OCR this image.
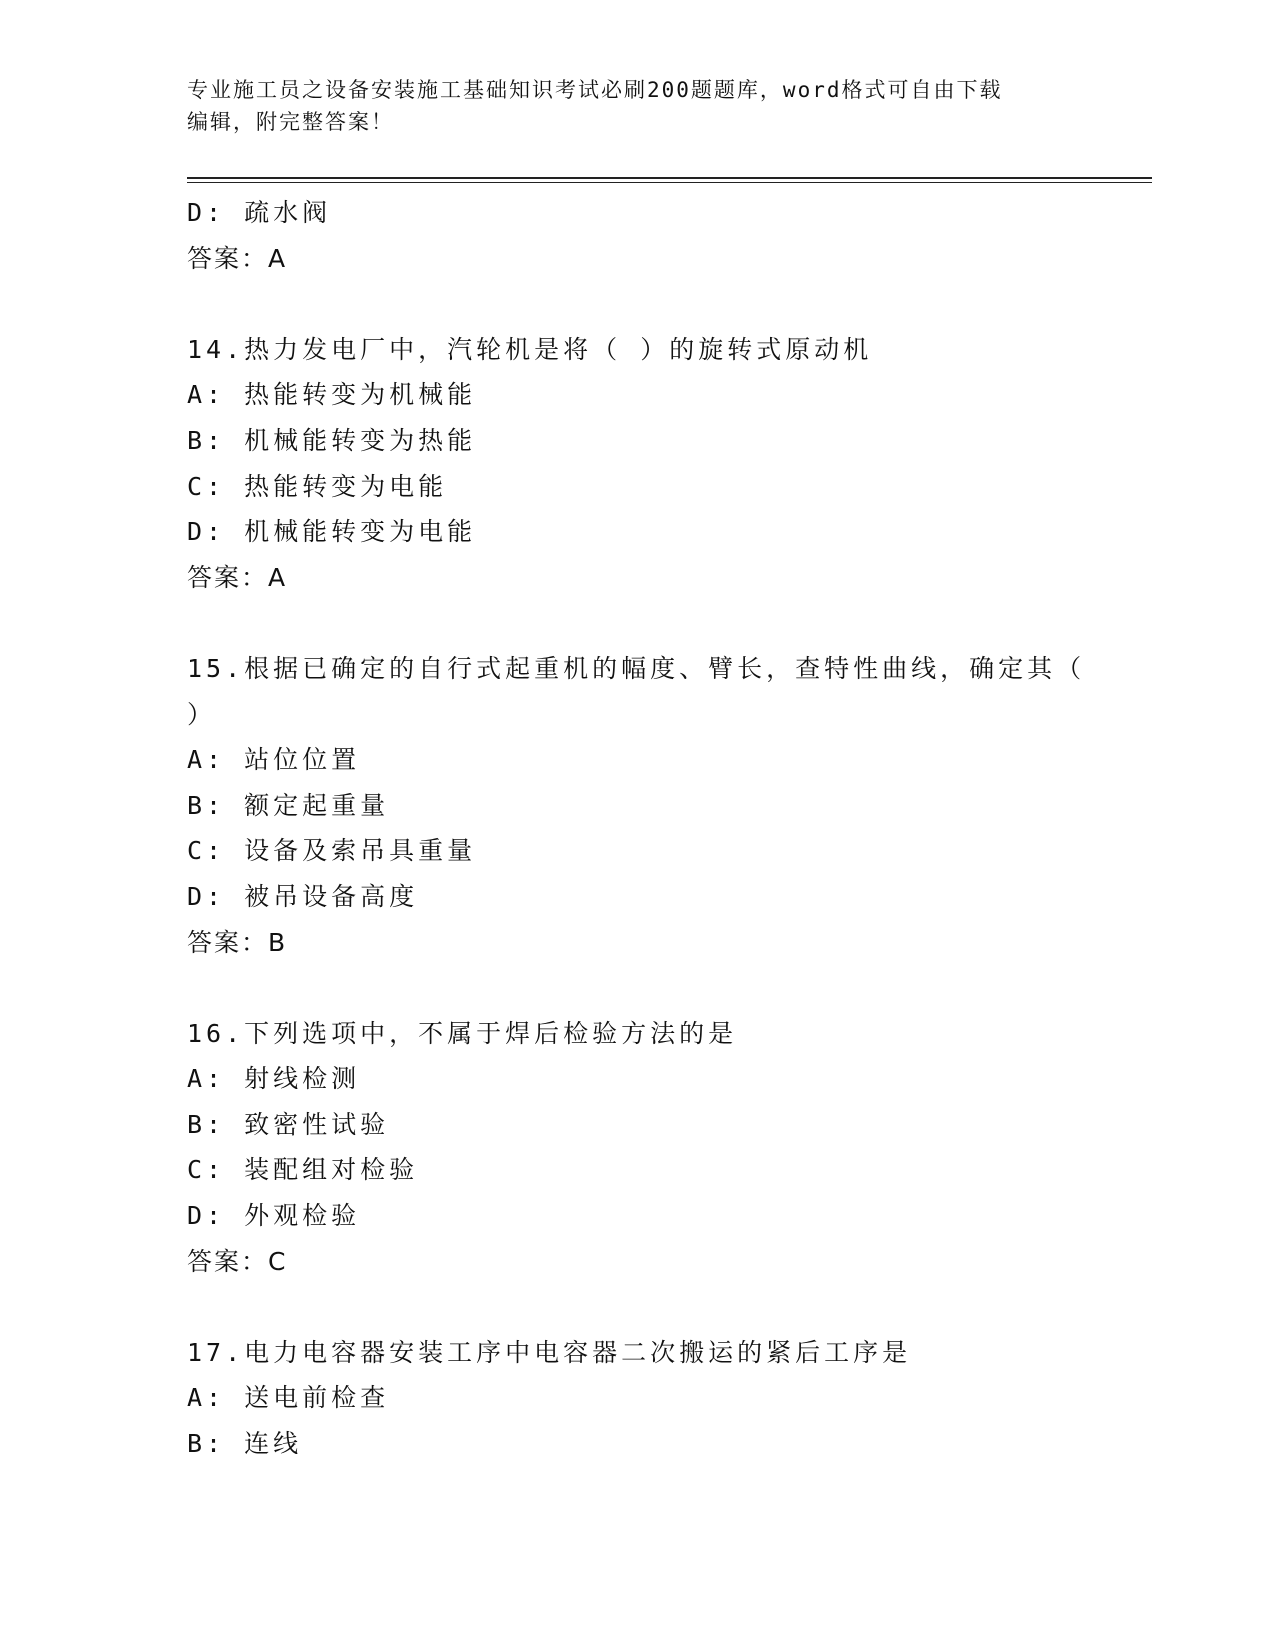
专业施工员之设备安装施工基础知识考试必刷200题题库，word格式可自由下载
编辑，附完整答案！
D: 疏水阀
答案：A
14.热力发电厂中，汽轮机是将（ ）的旋转式原动机
A: 热能转变为机械能
B: 机械能转变为热能
C: 热能转变为电能
D: 机械能转变为电能
答案：A
15.根据已确定的自行式起重机的幅度、臂长，查特性曲线，确定其（
）
A: 站位位置
B: 额定起重量
C: 设备及索吊具重量
D: 被吊设备高度
答案：B
16.下列选项中，不属于焊后检验方法的是
A: 射线检测
B: 致密性试验
C: 装配组对检验
D: 外观检验
答案：C
17.电力电容器安装工序中电容器二次搬运的紧后工序是
A: 送电前检查
B: 连线
